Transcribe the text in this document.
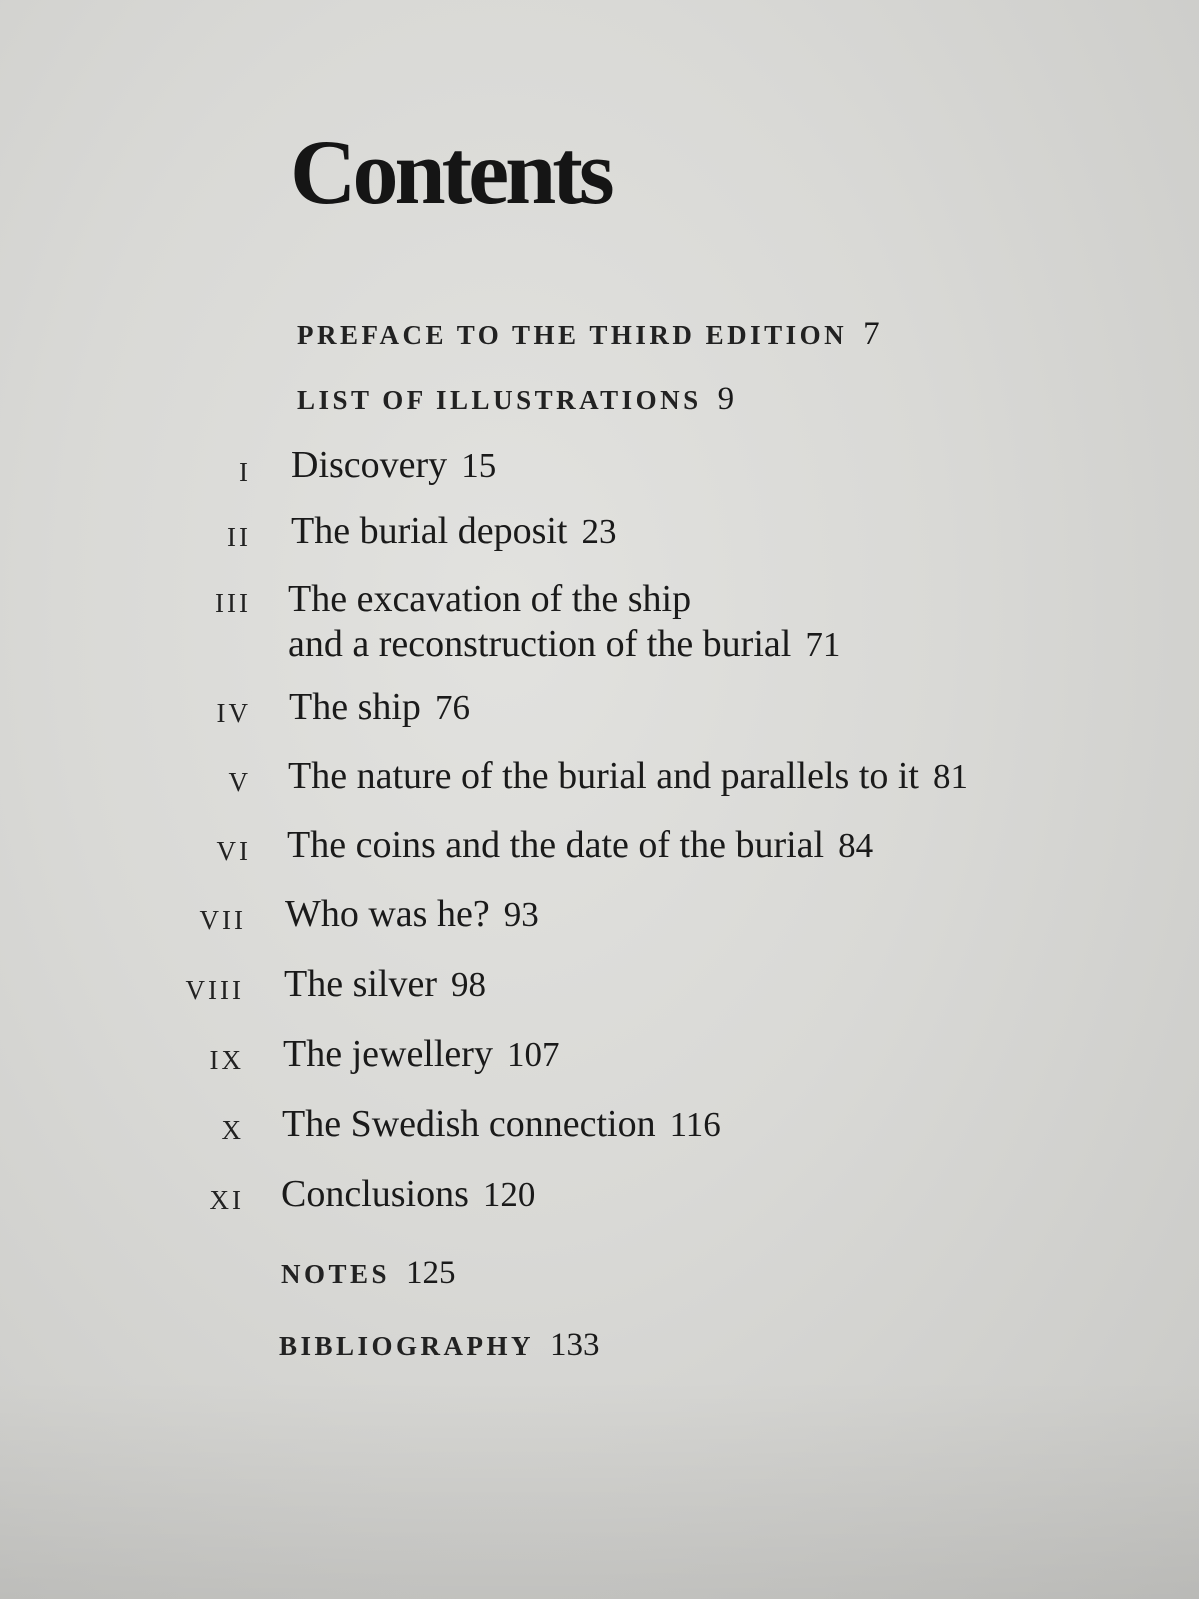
Contents
PREFACE TO THE THIRD EDITION 7
LIST OF ILLUSTRATIONS 9
I Discovery 15
II The burial deposit 23
III The excavation of the ship
and a reconstruction of the burial 71
IV The ship 76
V The nature of the burial and parallels to it 81
VI The coins and the date of the burial 84
VII Who was he? 93
VIII The silver 98
IX The jewellery 107
X The Swedish connection 116
XI Conclusions 120
NOTES 125
BIBLIOGRAPHY 133
